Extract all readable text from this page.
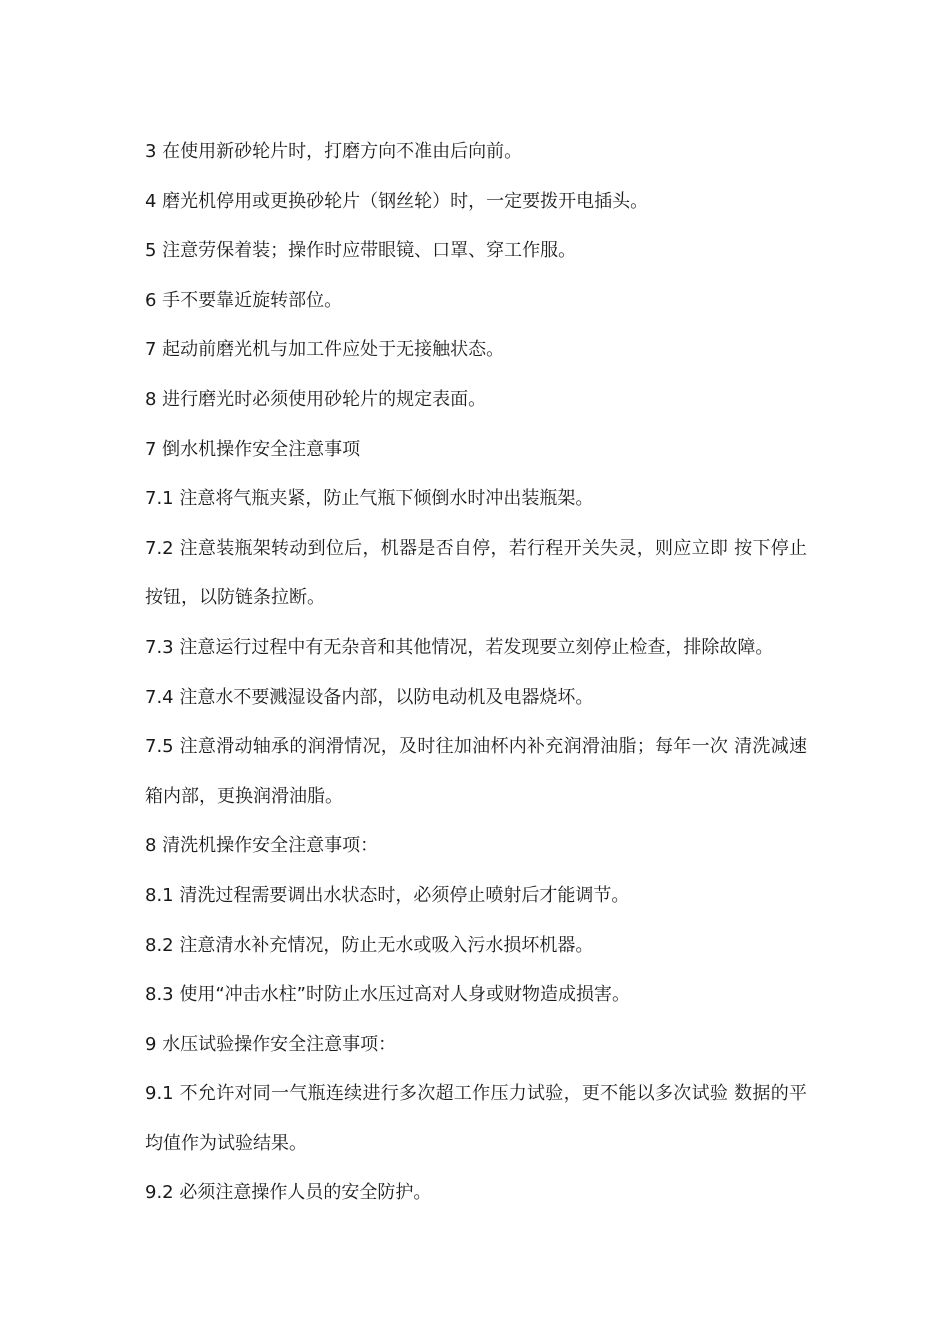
3 在使用新砂轮片时，打磨方向不准由后向前。

4 磨光机停用或更换砂轮片（钢丝轮）时，一定要拨开电插头。

5 注意劳保着装；操作时应带眼镜、口罩、穿工作服。

6 手不要靠近旋转部位。

7 起动前磨光机与加工件应处于无接触状态。

8 进行磨光时必须使用砂轮片的规定表面。

7 倒水机操作安全注意事项

7.1 注意将气瓶夹紧，防止气瓶下倾倒水时冲出装瓶架。

7.2 注意装瓶架转动到位后，机器是否自停，若行程开关失灵，则应立即 按下停止按钮，以防链条拉断。

7.3 注意运行过程中有无杂音和其他情况，若发现要立刻停止检查，排除故障。

7.4 注意水不要溅湿设备内部，以防电动机及电器烧坏。

7.5 注意滑动轴承的润滑情况，及时往加油杯内补充润滑油脂；每年一次 清洗减速箱内部，更换润滑油脂。

8 清洗机操作安全注意事项：

8.1 清洗过程需要调出水状态时，必须停止喷射后才能调节。

8.2 注意清水补充情况，防止无水或吸入污水损坏机器。

8.3 使用“冲击水柱”时防止水压过高对人身或财物造成损害。

9 水压试验操作安全注意事项：

9.1 不允许对同一气瓶连续进行多次超工作压力试验，更不能以多次试验 数据的平均值作为试验结果。

9.2 必须注意操作人员的安全防护。
